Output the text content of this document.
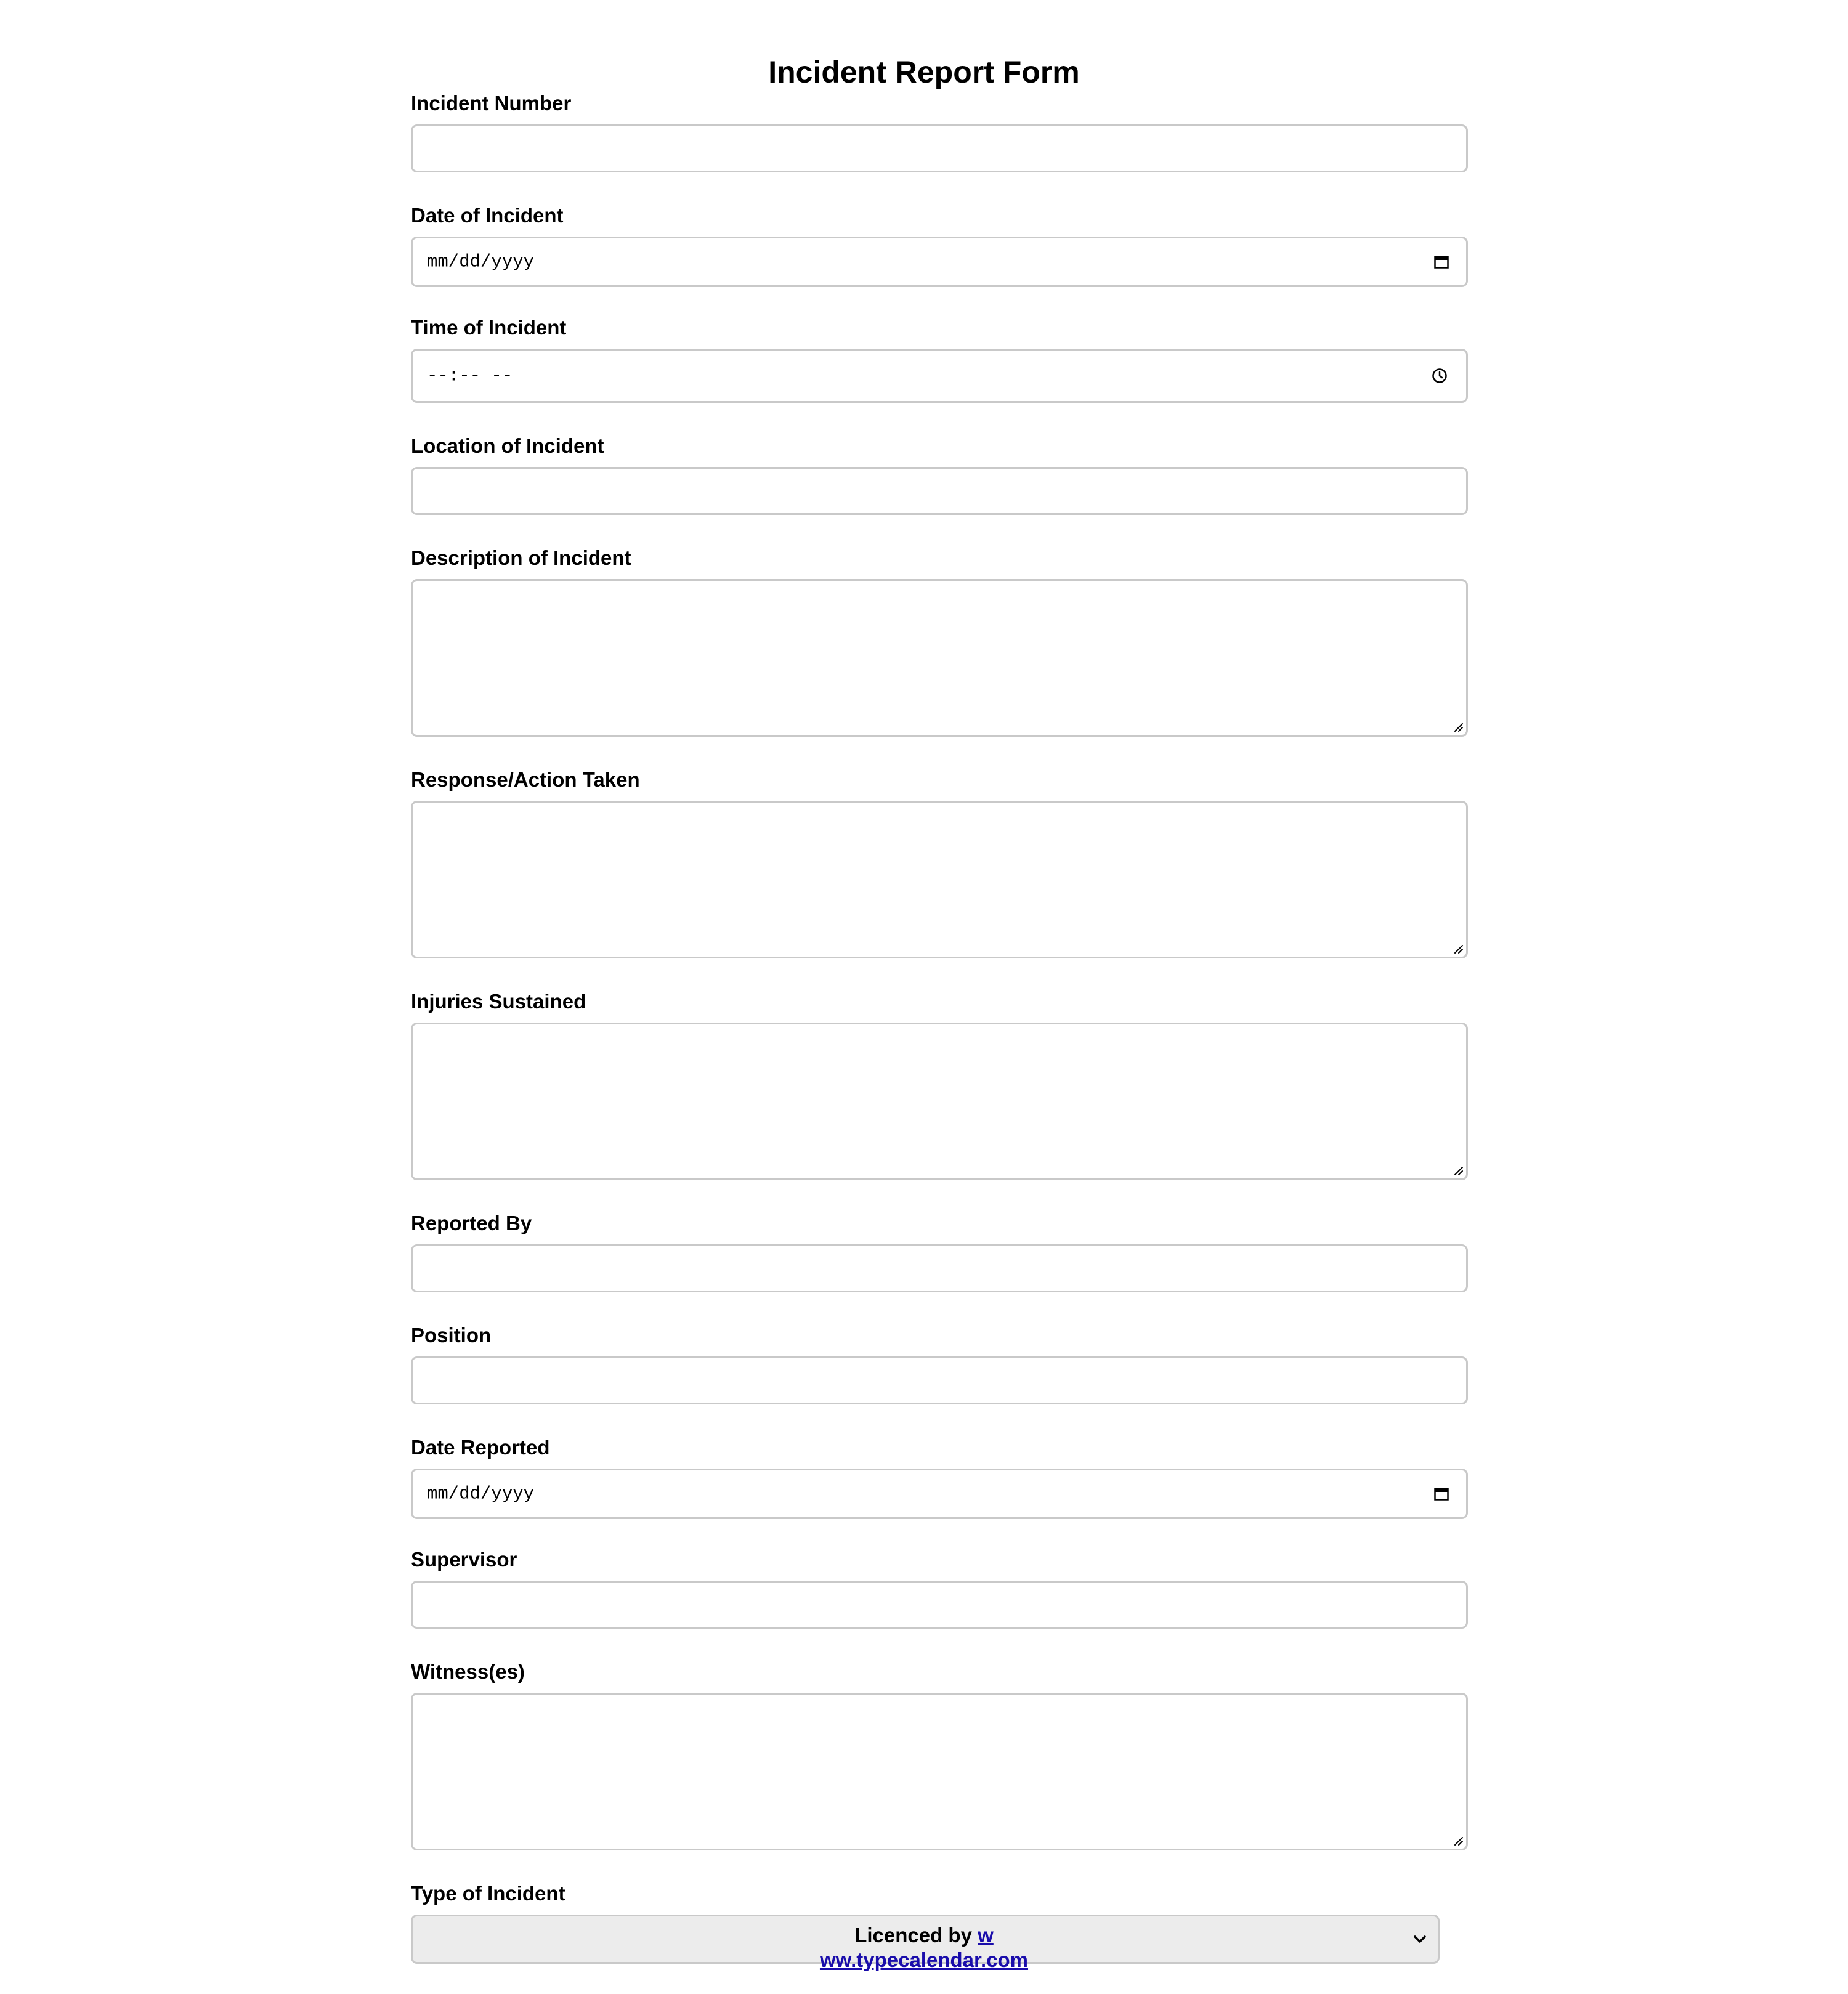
Incident Report Form
Incident Number
Date of Incident
mm/dd/yyyy
Time of Incident
--:-- --
Location of Incident
Description of Incident
Response/Action Taken
Injuries Sustained
Reported By
Position
Date Reported
mm/dd/yyyy
Supervisor
Witness(es)
Type of Incident
Licenced by w
ww.typecalendar.com
